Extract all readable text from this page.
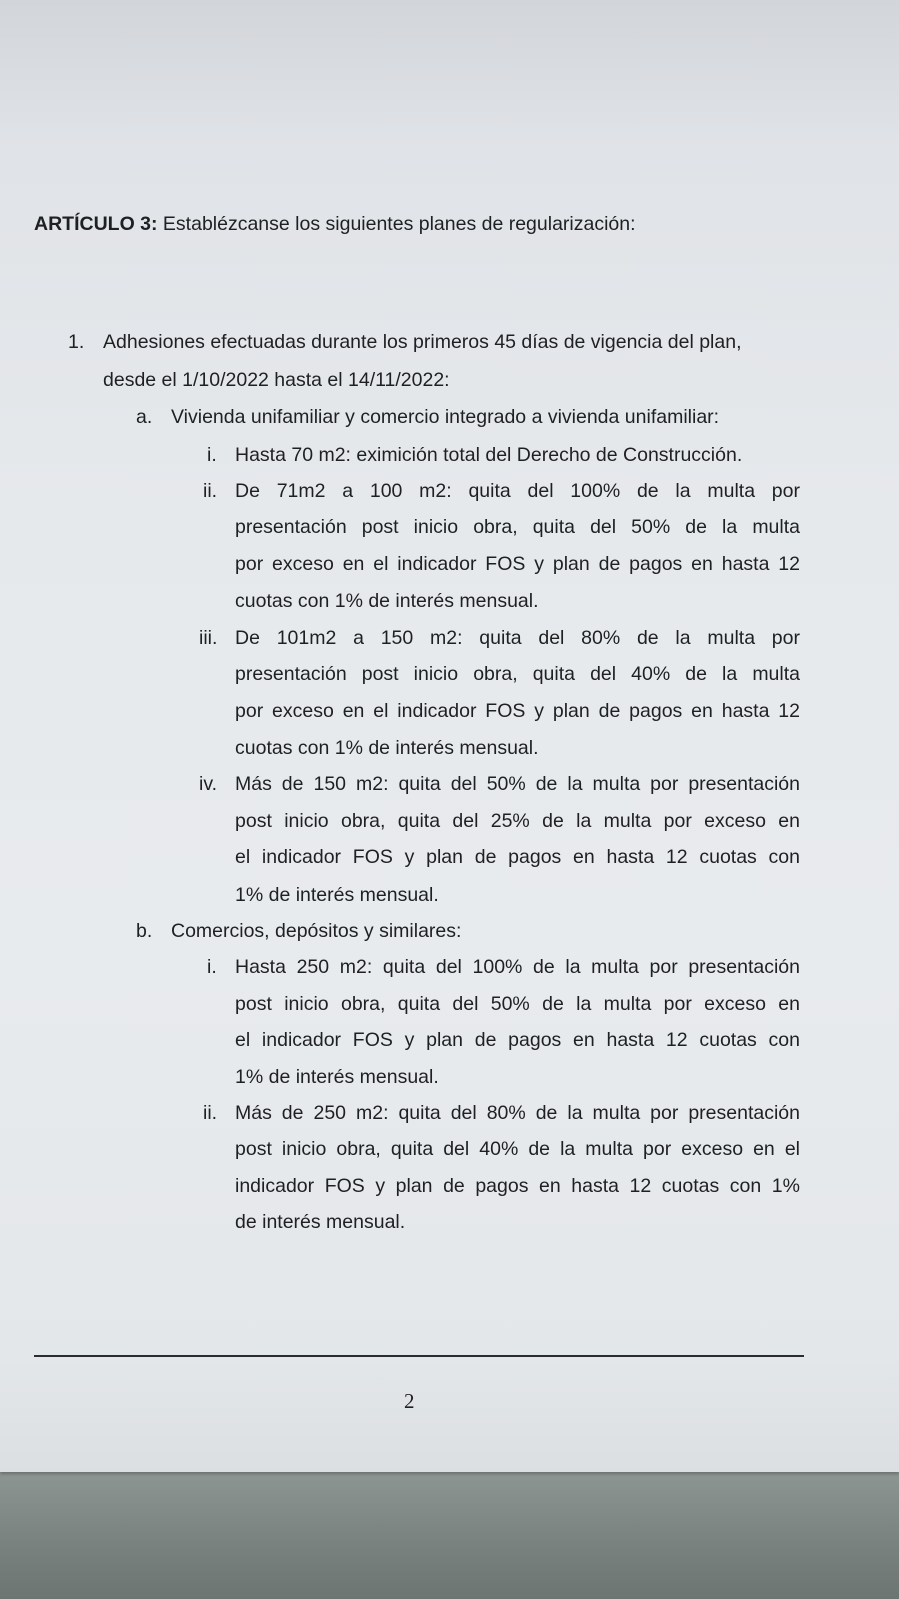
ARTÍCULO 3: Establézcanse los siguientes planes de regularización:
1. Adhesiones efectuadas durante los primeros 45 días de vigencia del plan,
desde el 1/10/2022 hasta el 14/11/2022:
a. Vivienda unifamiliar y comercio integrado a vivienda unifamiliar:
i. Hasta 70 m2: eximición total del Derecho de Construcción.
ii. De 71m2 a 100 m2: quita del 100% de la multa por
presentación post inicio obra, quita del 50% de la multa
por exceso en el indicador FOS y plan de pagos en hasta 12
cuotas con 1% de interés mensual.
iii. De 101m2 a 150 m2: quita del 80% de la multa por
presentación post inicio obra, quita del 40% de la multa
por exceso en el indicador FOS y plan de pagos en hasta 12
cuotas con 1% de interés mensual.
iv. Más de 150 m2: quita del 50% de la multa por presentación
post inicio obra, quita del 25% de la multa por exceso en
el indicador FOS y plan de pagos en hasta 12 cuotas con
1% de interés mensual.
b. Comercios, depósitos y similares:
i. Hasta 250 m2: quita del 100% de la multa por presentación
post inicio obra, quita del 50% de la multa por exceso en
el indicador FOS y plan de pagos en hasta 12 cuotas con
1% de interés mensual.
ii. Más de 250 m2: quita del 80% de la multa por presentación
post inicio obra, quita del 40% de la multa por exceso en el
indicador FOS y plan de pagos en hasta 12 cuotas con 1%
de interés mensual.
2
